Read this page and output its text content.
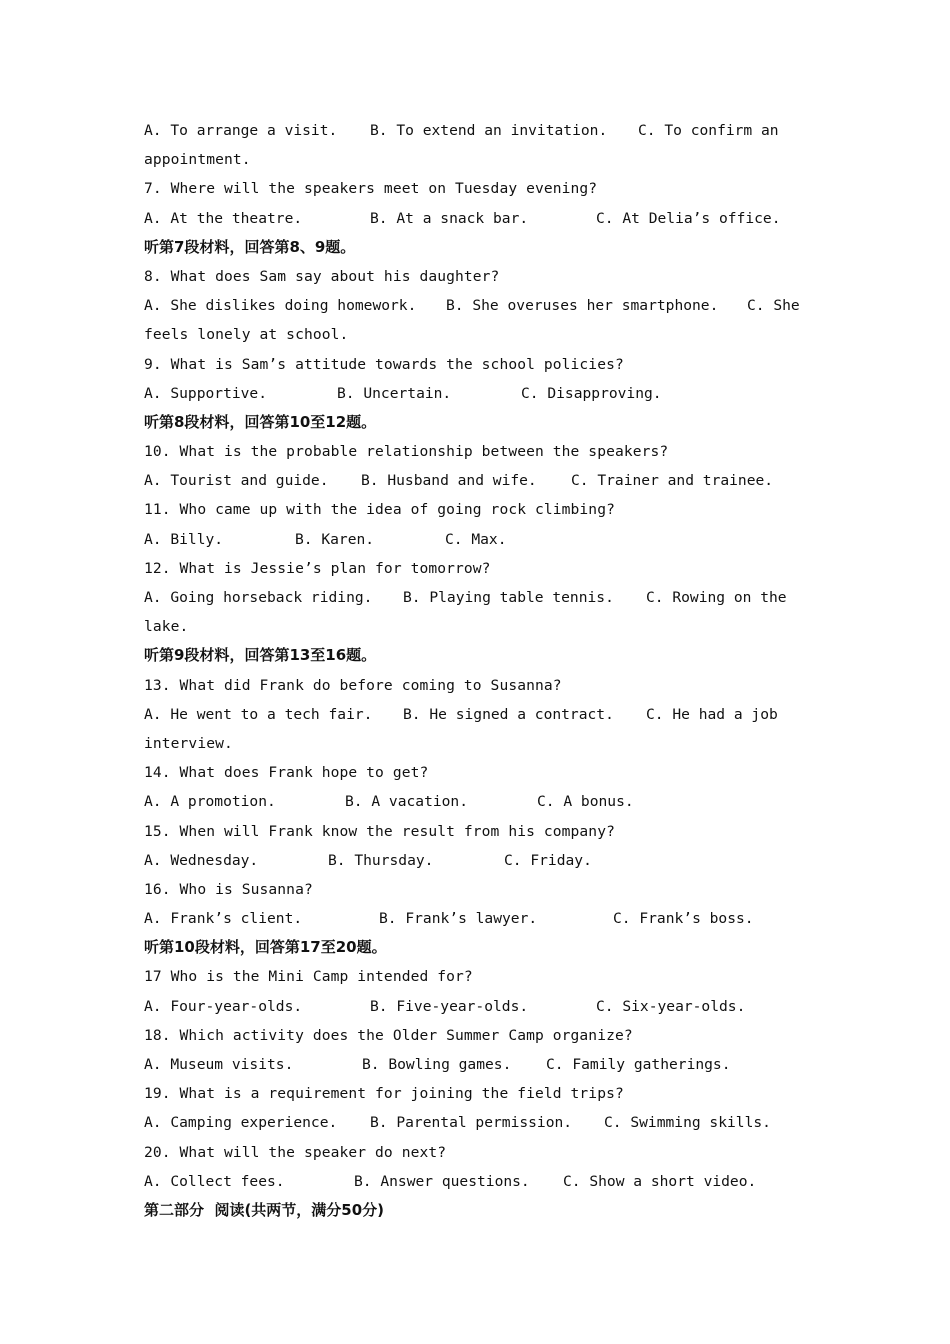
A. To arrange a visit. B. To extend an invitation. C. To confirm an
appointment.
7. Where will the speakers meet on Tuesday evening?
A. At the theatre.	B. At a snack bar.	C. At Delia’s office.
听第7段材料，回答第8、9题。
8. What does Sam say about his daughter?
A. She dislikes doing homework. B. She overuses her smartphone. C. She
feels lonely at school.
9. What is Sam’s attitude towards the school policies?
A. Supportive.	B. Uncertain.	C. Disapproving.
听第8段材料，回答第10至12题。
10. What is the probable relationship between the speakers?
A. Tourist and guide. B. Husband and wife. C. Trainer and trainee.
11. Who came up with the idea of going rock climbing?
A. Billy.	B. Karen.	C. Max.
12. What is Jessie’s plan for tomorrow?
A. Going horseback riding. B. Playing table tennis. C. Rowing on the
lake.
听第9段材料，回答第13至16题。
13. What did Frank do before coming to Susanna?
A. He went to a tech fair. B. He signed a contract. C. He had a job
interview.
14. What does Frank hope to get?
A. A promotion.	B. A vacation.	C. A bonus.
15. When will Frank know the result from his company?
A. Wednesday.	B. Thursday.	C. Friday.
16. Who is Susanna?
A. Frank’s client.	B. Frank’s lawyer.	C. Frank’s boss.
听第10段材料，回答第17至20题。
17 Who is the Mini Camp intended for?
A. Four-year-olds.	B. Five-year-olds.	C. Six-year-olds.
18. Which activity does the Older Summer Camp organize?
A. Museum visits.	B. Bowling games. C. Family gatherings.
19. What is a requirement for joining the field trips?
A. Camping experience. B. Parental permission. C. Swimming skills.
20. What will the speaker do next?
A. Collect fees.	B. Answer questions. C. Show a short video.
第二部分  阅读(共两节，满分50分)
